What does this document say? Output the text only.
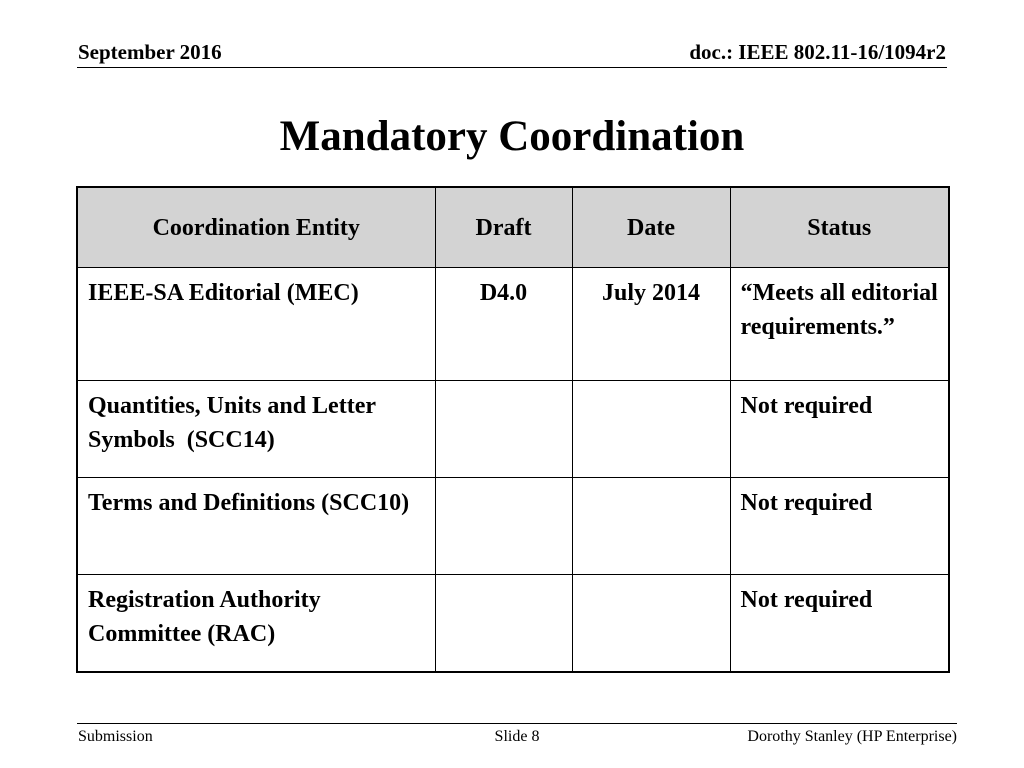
September 2016	doc.: IEEE 802.11-16/1094r2
Mandatory Coordination
Coordination Entity	Draft	Date	Status
IEEE-SA Editorial (MEC)	D4.0	July 2014	“Meets all editorial requirements.”
Quantities, Units and Letter Symbols  (SCC14)			Not required
Terms and Definitions (SCC10)			Not required
Registration Authority Committee (RAC)			Not required
Submission	Slide 8	Dorothy Stanley (HP Enterprise)
